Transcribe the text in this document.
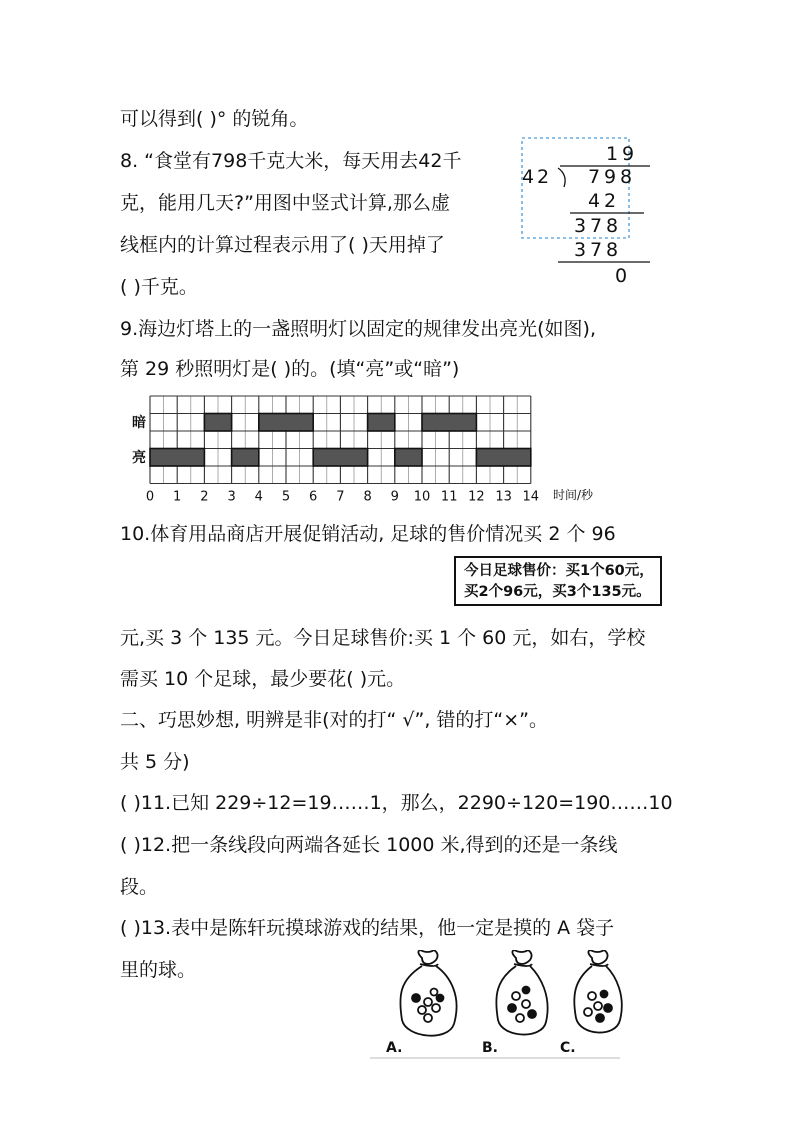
可以得到( )° 的锐角。
8. “食堂有798千克大米，每天用去42千
克，能用几天?”用图中竖式计算,那么虚
线框内的计算过程表示用了( )天用掉了
( )千克。
1 9
4 2 7 9 8
4 2
3 7 8
3 7 8
0
9.海边灯塔上的一盏照明灯以固定的规律发出亮光(如图),
第 29 秒照明灯是( )的。(填“亮”或“暗”)
0 1 2 3 4 5 6 7 8 9 10 11 12 13 14
暗
亮
时间/秒
10.体育用品商店开展促销活动, 足球的售价情况买 2 个 96
今日足球售价：买1个60元，
买2个96元，买3个135元。
元,买 3 个 135 元。今日足球售价:买 1 个 60 元，如右，学校
需买 10 个足球，最少要花( )元。
二、巧思妙想, 明辨是非(对的打“ √”, 错的打“×”。
共 5 分)
( )11.已知 229÷12=19……1，那么，2290÷120=190……10
( )12.把一条线段向两端各延长 1000 米,得到的还是一条线
段。
( )13.表中是陈轩玩摸球游戏的结果，他一定是摸的 A 袋子
里的球。
A.	B.	C.
